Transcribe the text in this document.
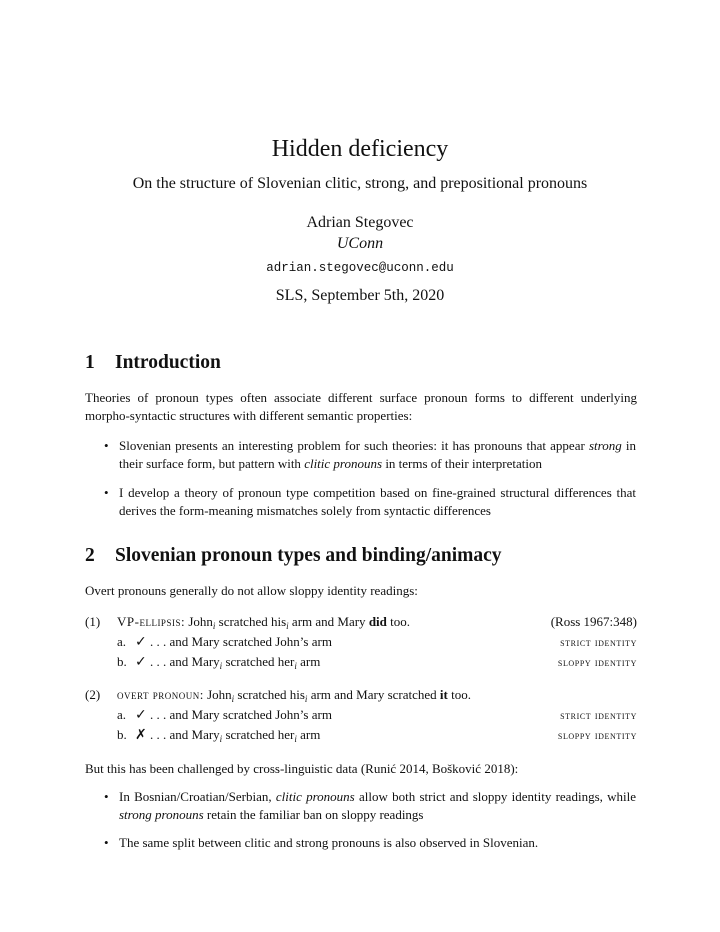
Hidden deficiency
On the structure of Slovenian clitic, strong, and prepositional pronouns
Adrian Stegovec
UConn
adrian.stegovec@uconn.edu
SLS, September 5th, 2020
1 Introduction
Theories of pronoun types often associate different surface pronoun forms to different underlying morpho-syntactic structures with different semantic properties:
• Slovenian presents an interesting problem for such theories: it has pronouns that appear strong in their surface form, but pattern with clitic pronouns in terms of their interpretation
• I develop a theory of pronoun type competition based on fine-grained structural differences that derives the form-meaning mismatches solely from syntactic differences
2 Slovenian pronoun types and binding/animacy
Overt pronouns generally do not allow sloppy identity readings:
(1) VP-ellipsis: John$_i$ scratched his$_i$ arm and Mary did too.	(Ross 1967:348)
a. ✓ . . . and Mary scratched John’s arm	strict identity
b. ✓ . . . and Mary$_i$ scratched her$_i$ arm	sloppy identity
(2) overt pronoun: John$_i$ scratched his$_i$ arm and Mary scratched it too.
a. ✓ . . . and Mary scratched John’s arm	strict identity
b. ✗ . . . and Mary$_i$ scratched her$_i$ arm	sloppy identity
But this has been challenged by cross-linguistic data (Runić 2014, Bošković 2018):
• In Bosnian/Croatian/Serbian, clitic pronouns allow both strict and sloppy identity readings, while strong pronouns retain the familiar ban on sloppy readings
• The same split between clitic and strong pronouns is also observed in Slovenian.
